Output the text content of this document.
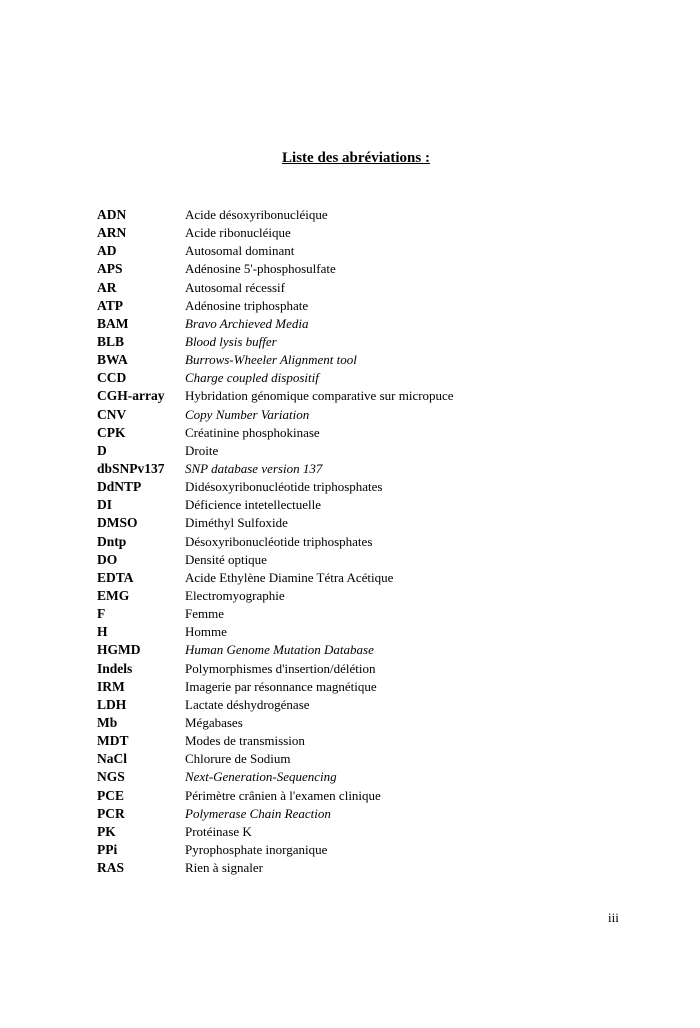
Liste des abréviations :
ADN	Acide désoxyribonucléique
ARN	Acide ribonucléique
AD	Autosomal dominant
APS	Adénosine 5'-phosphosulfate
AR	Autosomal récessif
ATP	Adénosine triphosphate
BAM	Bravo Archieved Media
BLB	Blood lysis buffer
BWA	Burrows-Wheeler Alignment tool
CCD	Charge coupled dispositif
CGH-array	Hybridation génomique comparative sur micropuce
CNV	Copy Number Variation
CPK	Créatinine phosphokinase
D	Droite
dbSNPv137	SNP database version 137
DdNTP	Didésoxyribonucléotide triphosphates
DI	Déficience intetellectuelle
DMSO	Diméthyl Sulfoxide
Dntp	Désoxyribonucléotide triphosphates
DO	Densité optique
EDTA	Acide Ethylène Diamine Tétra Acétique
EMG	Electromyographie
F	Femme
H	Homme
HGMD	Human Genome Mutation Database
Indels	Polymorphismes d'insertion/délétion
IRM	Imagerie par résonnance magnétique
LDH	Lactate déshydrogénase
Mb	Mégabases
MDT	Modes de transmission
NaCl	Chlorure de Sodium
NGS	Next-Generation-Sequencing
PCE	Périmètre crânien à l'examen clinique
PCR	Polymerase Chain Reaction
PK	Protéinase K
PPi	Pyrophosphate inorganique
RAS	Rien à signaler
iii
